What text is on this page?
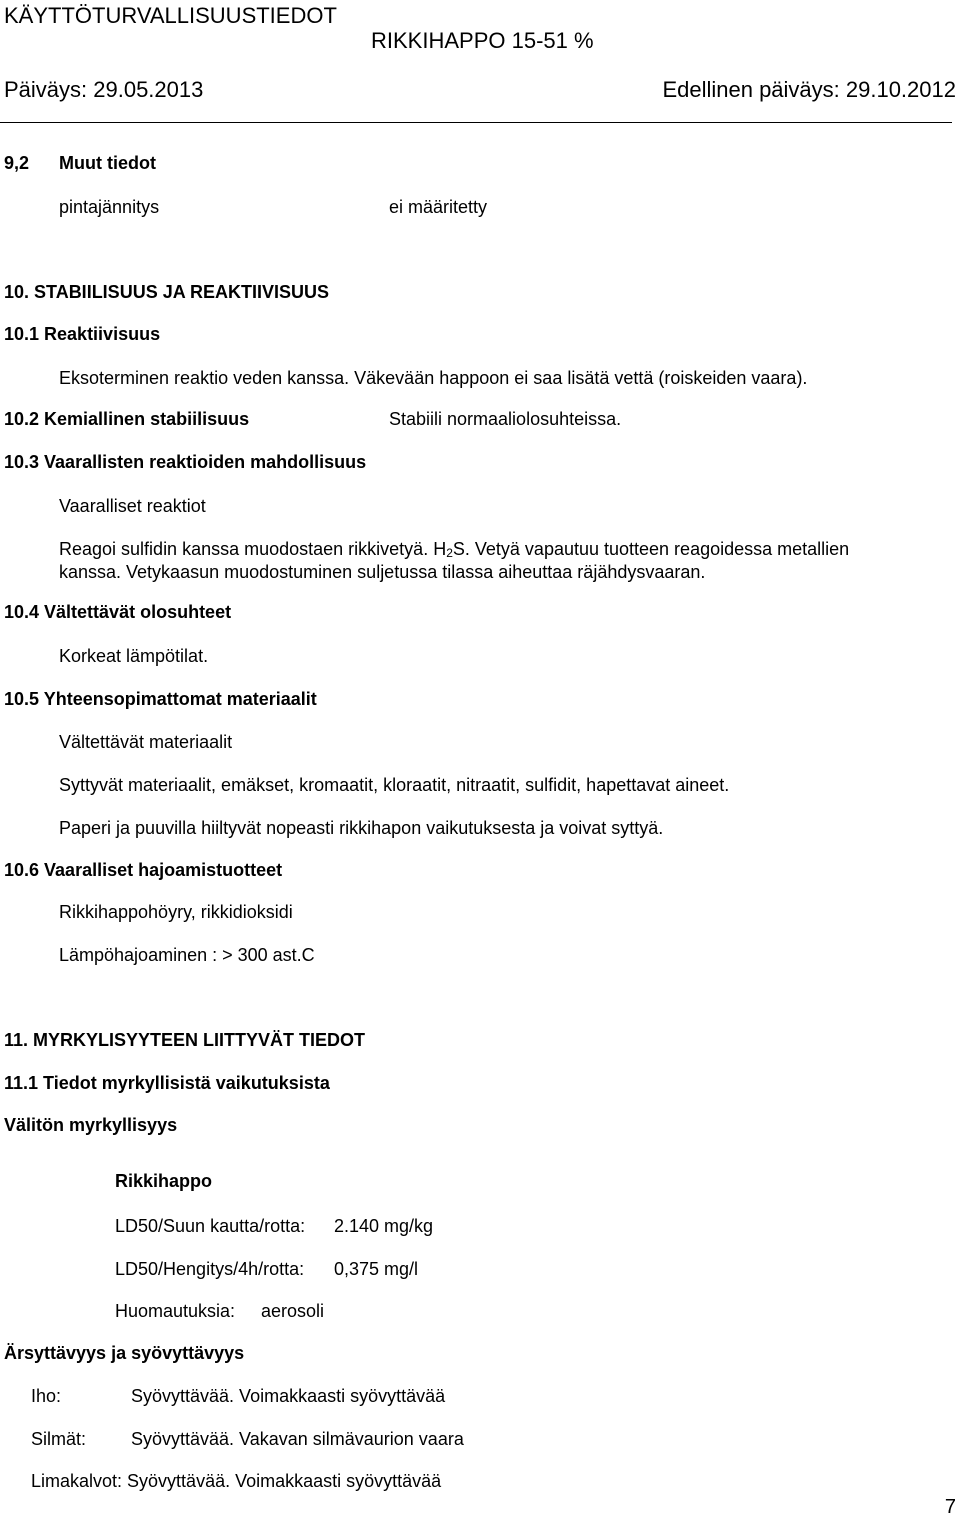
KÄYTTÖTURVALLISUUSTIEDOT
RIKKIHAPPO 15-51 %
Päiväys: 29.05.2013	Edellinen päiväys: 29.10.2012
9,2 Muut tiedot
pintajännitys	ei määritetty
10. STABIILISUUS JA REAKTIIVISUUS
10.1 Reaktiivisuus
Eksoterminen reaktio veden kanssa. Väkevään happoon ei saa lisätä vettä (roiskeiden vaara).
10.2 Kemiallinen stabiilisuus	Stabiili normaaliolosuhteissa.
10.3 Vaarallisten reaktioiden mahdollisuus
Vaaralliset reaktiot
Reagoi sulfidin kanssa muodostaen rikkivetyä. $H_2S$. Vetyä vapautuu tuotteen reagoidessa metallien
kanssa. Vetykaasun muodostuminen suljetussa tilassa aiheuttaa räjähdysvaaran.
10.4 Vältettävät olosuhteet
Korkeat lämpötilat.
10.5 Yhteensopimattomat materiaalit
Vältettävät materiaalit
Syttyvät materiaalit, emäkset, kromaatit, kloraatit, nitraatit, sulfidit, hapettavat aineet.
Paperi ja puuvilla hiiltyvät nopeasti rikkihapon vaikutuksesta ja voivat syttyä.
10.6 Vaaralliset hajoamistuotteet
Rikkihappohöyry, rikkidioksidi
Lämpöhajoaminen : > 300 ast.C
11. MYRKYLISYYTEEN LIITTYVÄT TIEDOT
11.1 Tiedot myrkyllisistä vaikutuksista
Välitön myrkyllisyys
Rikkihappo
LD50/Suun kautta/rotta: 2.140 mg/kg
LD50/Hengitys/4h/rotta: 0,375 mg/l
Huomautuksia: aerosoli
Ärsyttävyys ja syövyttävyys
Iho:	Syövyttävää. Voimakkaasti syövyttävää
Silmät: Syövyttävää. Vakavan silmävaurion vaara
Limakalvot: Syövyttävää. Voimakkaasti syövyttävää
7
